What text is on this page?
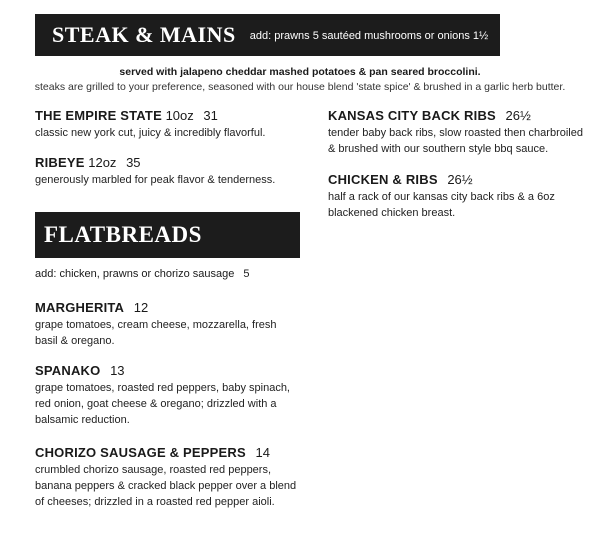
STEAK & MAINS add: prawns 5 sautéed mushrooms or onions 1½
served with jalapeno cheddar mashed potatoes & pan seared broccolini.
steaks are grilled to your preference, seasoned with our house blend 'state spice' & brushed in a garlic herb butter.
THE EMPIRE STATE 10oz 31
classic new york cut, juicy & incredibly flavorful.
RIBEYE 12oz 35
generously marbled for peak flavor & tenderness.
KANSAS CITY BACK RIBS 26½
tender baby back ribs, slow roasted then charbroiled & brushed with our southern style bbq sauce.
CHICKEN & RIBS 26½
half a rack of our kansas city back ribs & a 6oz blackened chicken breast.
FLATBREADS
add: chicken, prawns or chorizo sausage 5
MARGHERITA 12
grape tomatoes, cream cheese, mozzarella, fresh basil & oregano.
SPANAKO 13
grape tomatoes, roasted red peppers, baby spinach, red onion, goat cheese & oregano; drizzled with a balsamic reduction.
CHORIZO SAUSAGE & PEPPERS 14
crumbled chorizo sausage, roasted red peppers, banana peppers & cracked black pepper over a blend of cheeses; drizzled in a roasted red pepper aioli.
